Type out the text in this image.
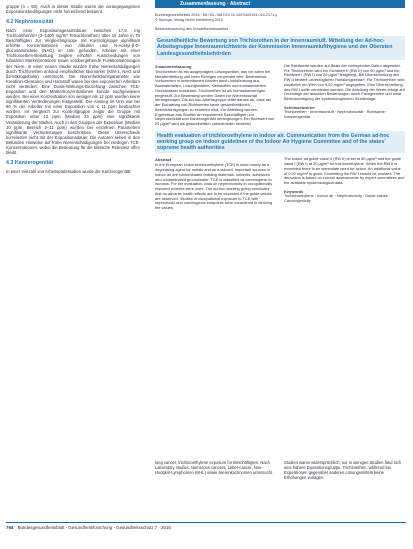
gruppe (n = 60). Auch in dieser Studie waren die vorangegangenen Expositionsbedingungen nicht hinreichend bekannt.

4.2 Nephrotoxizität

Nach einer Expositionsgesamtdauer zwischen 17,5 mg Trichlorethen/m³ (3–1400 mg/m³ Tetrachlorethen) über 15 Jahre in 70 Beschäftigten zur Vergleichsgruppe mit Kontrollgruppe signifikant erhöhte Konzentrationen von Albumin und N-Acetyl-β-D-glucosaminidase (NAG) im Urin gefunden. Arbeiter mit einer Trichloroethen-Belastung zeigten erhöhte Ausscheidungen von tubulären Markerproteinen sowie vorübergehende Funktionsstörungen der Niere. In einer neuen Studie wurden frühe Nierenschädigungen durch Trichlorethen anhand empfindlicher Biomarker (KIM-1, NAG und β2-Mikroglobulin) untersucht. Die Nierenfunktionsparameter wie Kreatinin-Clearance und Harnstoff waren bei den exponierten Arbeitern nicht verändert. Eine Dosis-Wirkungs-Beziehung zwischen TCE-Exposition und den Markerkonzentrationen konnte nachgewiesen werden. Bei einer Konzentration von weniger als 12 ppm wurden keine signifikanten Veränderungen festgestellt. Der Anstieg im Urin war bei 80 % der Arbeiter mit einer Exposition von ≤ 11 ppm beobachtet worden. Im Vergleich zur Kontrollgruppe zeigte die Gruppe mit Exposition unter 12 ppm (Median 23 ppm) eine signifikante Veränderung der Marker. Auch in den Gruppen der Exposition (Median 10 ppm, Bereich 2–11 ppm) wurden bei einzelnen Parametern signifikante Veränderungen beschrieben. Diese Unterschiede korrelierten nicht mit der Expositionsdauer. Die Autoren sehen in den Befunden Hinweise auf frühe Nierenschädigungen bei niedrigen TCE-Konzentrationen, wobei die Bedeutung für die klinische Relevanz offen bleibt.

4.3 Kanzerogenität

In einer Vielzahl von Arbeitsplatzstudien wurde die Kanzerogenität

Zusammenfassung · Abstract
Bundesgesundheitsbl 2015 · 58:763–768 DOI 10.1007/s00103-015-2171-y
© Springer-Verlag Berlin Heidelberg 2015
Bekanntmachung des Umweltbundesamtes
Gesundheitliche Bewertung von Trichlorethen in der Innenraumluft. Mitteilung der Ad-hoc-Arbeitsgruppe Innenraumrichtwerte der Kommission Innenraumlufthygiene und der Obersten Landesgesundheitsbehörden
Zusammenfassung

Trichlorethen ist ein ausgeprägtes Lösungsmittel, das vor allem bei Metallentfettung und beim Reinigen verwendet wird. Bedeutende Vorkommen in Innenräumen können durch Ausdünstung aus Baumaterialien, Lösungsmitteln, Klebstoffen und kontaminiertem Grundwasser entstehen. Trichlorethen ist als humankanzerogen eingestuft. Zur Bewertung werden Daten zur Nierentoxizität herangezogen. Die Ad-hoc-Arbeitsgruppe leitet daraus ab, dass bei der Einhaltung von Richtwerten keine gesundheitlichen Beeinträchtigungen zu erwarten sind. Zur Ableitung wurden Ergebnisse aus Studien an exponierten Beschäftigten zur Nephrotoxizität und Kanzerogenität herangezogen. Ein Richtwert von 20 µg/m³ wird als gesundheitlich unbedenklich bewertet.

Die Richtwerte werden auf Basis der vorliegenden Daten abgeleitet. Für Trichlorethen wird ein Richtwert II (RW II) von 60 µg/m³ und ein Richtwert I (RW I) von 20 µg/m³ festgelegt. Bei Überschreitung des RW II besteht unverzüglicher Handlungsbedarf. Für Trichlorethen wird zusätzlich ein Wert von 0,02 mg/m³ angegeben. Eine Überschreitung des RW I sollte vermieden werden. Die Ableitung der Werte erfolgt auf Grundlage der aktuellen Bewertungen durch Fachgremien und unter Berücksichtigung der epidemiologischen Studienlage.

Schlüsselwörter

Trichlorethen · Innenraumluft · Nephrotoxizität · Richtwerte · Kanzerogenität

Health evaluation of trichloroethylene in indoor air. Communication from the German ad-hoc working group on indoor guidelines of the Indoor Air Hygiene Committee and of the states’ supreme health authorities
Abstract

In the European Union trichloroethylene (TCE) is used mainly as a degreasing agent for metals and as a solvent. Important sources in indoor air are contaminated building materials, solvents, adhesives and contaminated groundwater. TCE is classified as carcinogenic to humans. For the evaluation, data on nephrotoxicity in occupationally exposed workers were used. The ad-hoc working group concludes that no adverse health effects are to be expected if the guide values are observed. Studies of occupational exposure to TCE with nephrotoxic and carcinogenic endpoints were considered in deriving the values.

The indoor air guide value II (RW II) is set at 60 µg/m³ and the guide value I (RW I) at 20 µg/m³ for trichloroethylene. When the RW II is exceeded there is an immediate need for action. An additional value of 0.02 mg/m³ is given. Exceeding the RW I should be avoided. The derivation is based on current assessments by expert committees and the available epidemiological data.

Keywords

Trichloroethylene · Indoor air · Nephrotoxicity · Guide values · Carcinogenicity

lung cancer, trichloroethylene exposure for Beschäftigten. Nach Laboratory studies. Numerous cancers, Leber-cancer, Non-Hodgkin-Lymphomen (NHL) sowie Nierenkarzinomen untersucht.

Studien waren widersprüchlich; nur in wenigen Studien fand sich eine höhere Expositionsgruppe. Trichlorethen, während bei Expositionen gegenüber anderen Lösungsmitteln keine Erhöhungen vorlagen.

764 Bundesgesundheitsblatt - Gesundheitsforschung - Gesundheitsschutz 7 · 2015
